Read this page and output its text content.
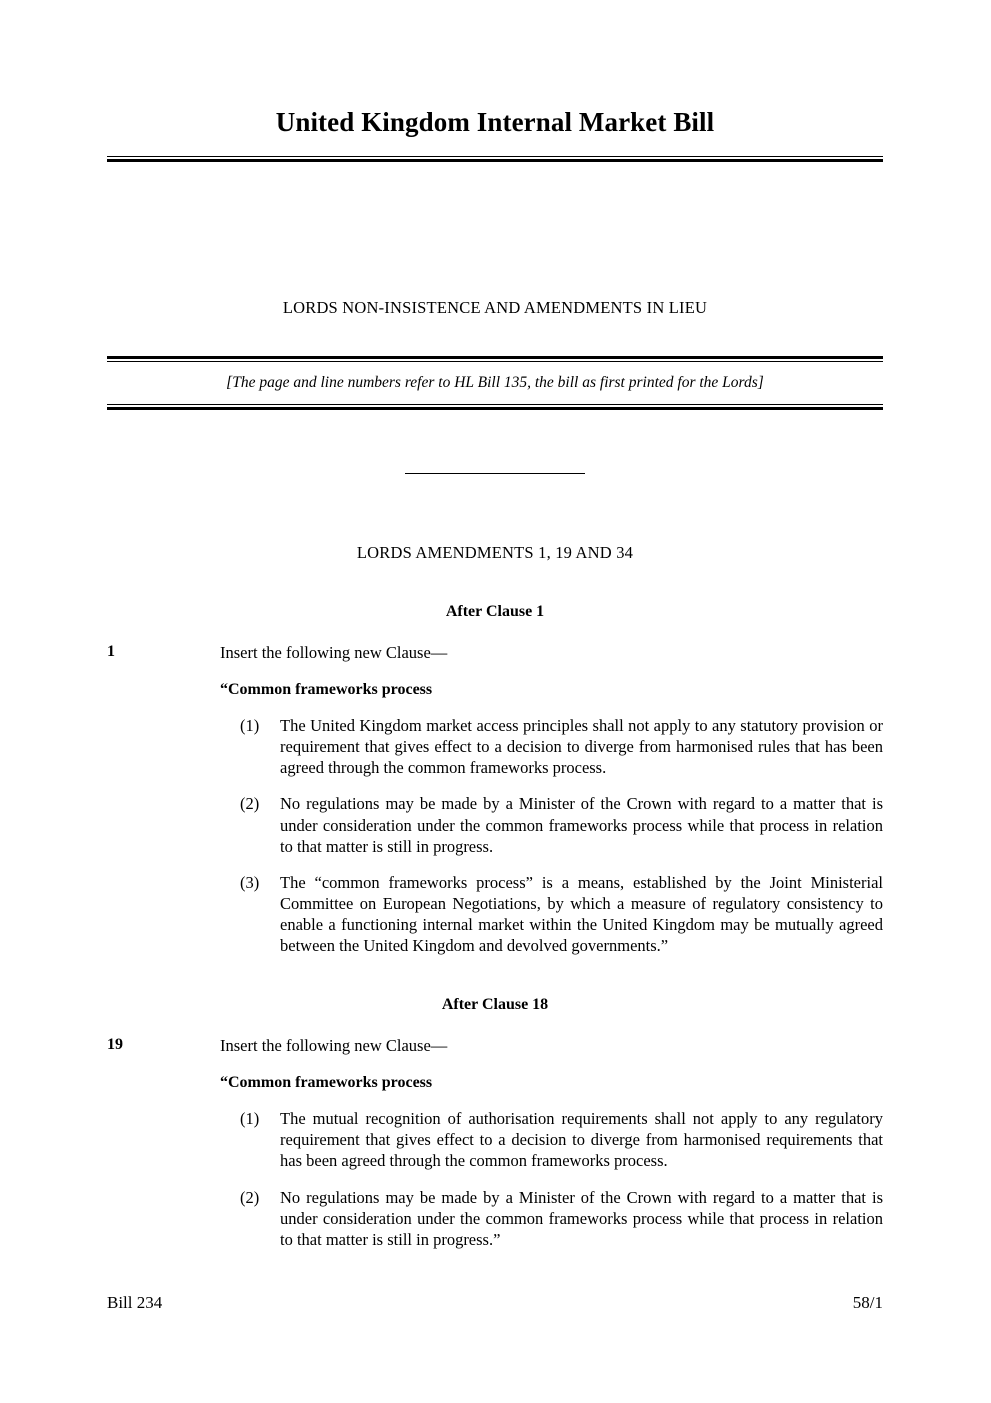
United Kingdom Internal Market Bill
LORDS NON-INSISTENCE AND AMENDMENTS IN LIEU
[The page and line numbers refer to HL Bill 135, the bill as first printed for the Lords]
LORDS AMENDMENTS 1, 19 AND 34
After Clause 1
1	Insert the following new Clause—
“Common frameworks process
(1)	The United Kingdom market access principles shall not apply to any statutory provision or requirement that gives effect to a decision to diverge from harmonised rules that has been agreed through the common frameworks process.
(2)	No regulations may be made by a Minister of the Crown with regard to a matter that is under consideration under the common frameworks process while that process in relation to that matter is still in progress.
(3)	The “common frameworks process” is a means, established by the Joint Ministerial Committee on European Negotiations, by which a measure of regulatory consistency to enable a functioning internal market within the United Kingdom may be mutually agreed between the United Kingdom and devolved governments.”
After Clause 18
19	Insert the following new Clause—
“Common frameworks process
(1)	The mutual recognition of authorisation requirements shall not apply to any regulatory requirement that gives effect to a decision to diverge from harmonised requirements that has been agreed through the common frameworks process.
(2)	No regulations may be made by a Minister of the Crown with regard to a matter that is under consideration under the common frameworks process while that process in relation to that matter is still in progress.”
Bill 234	58/1
